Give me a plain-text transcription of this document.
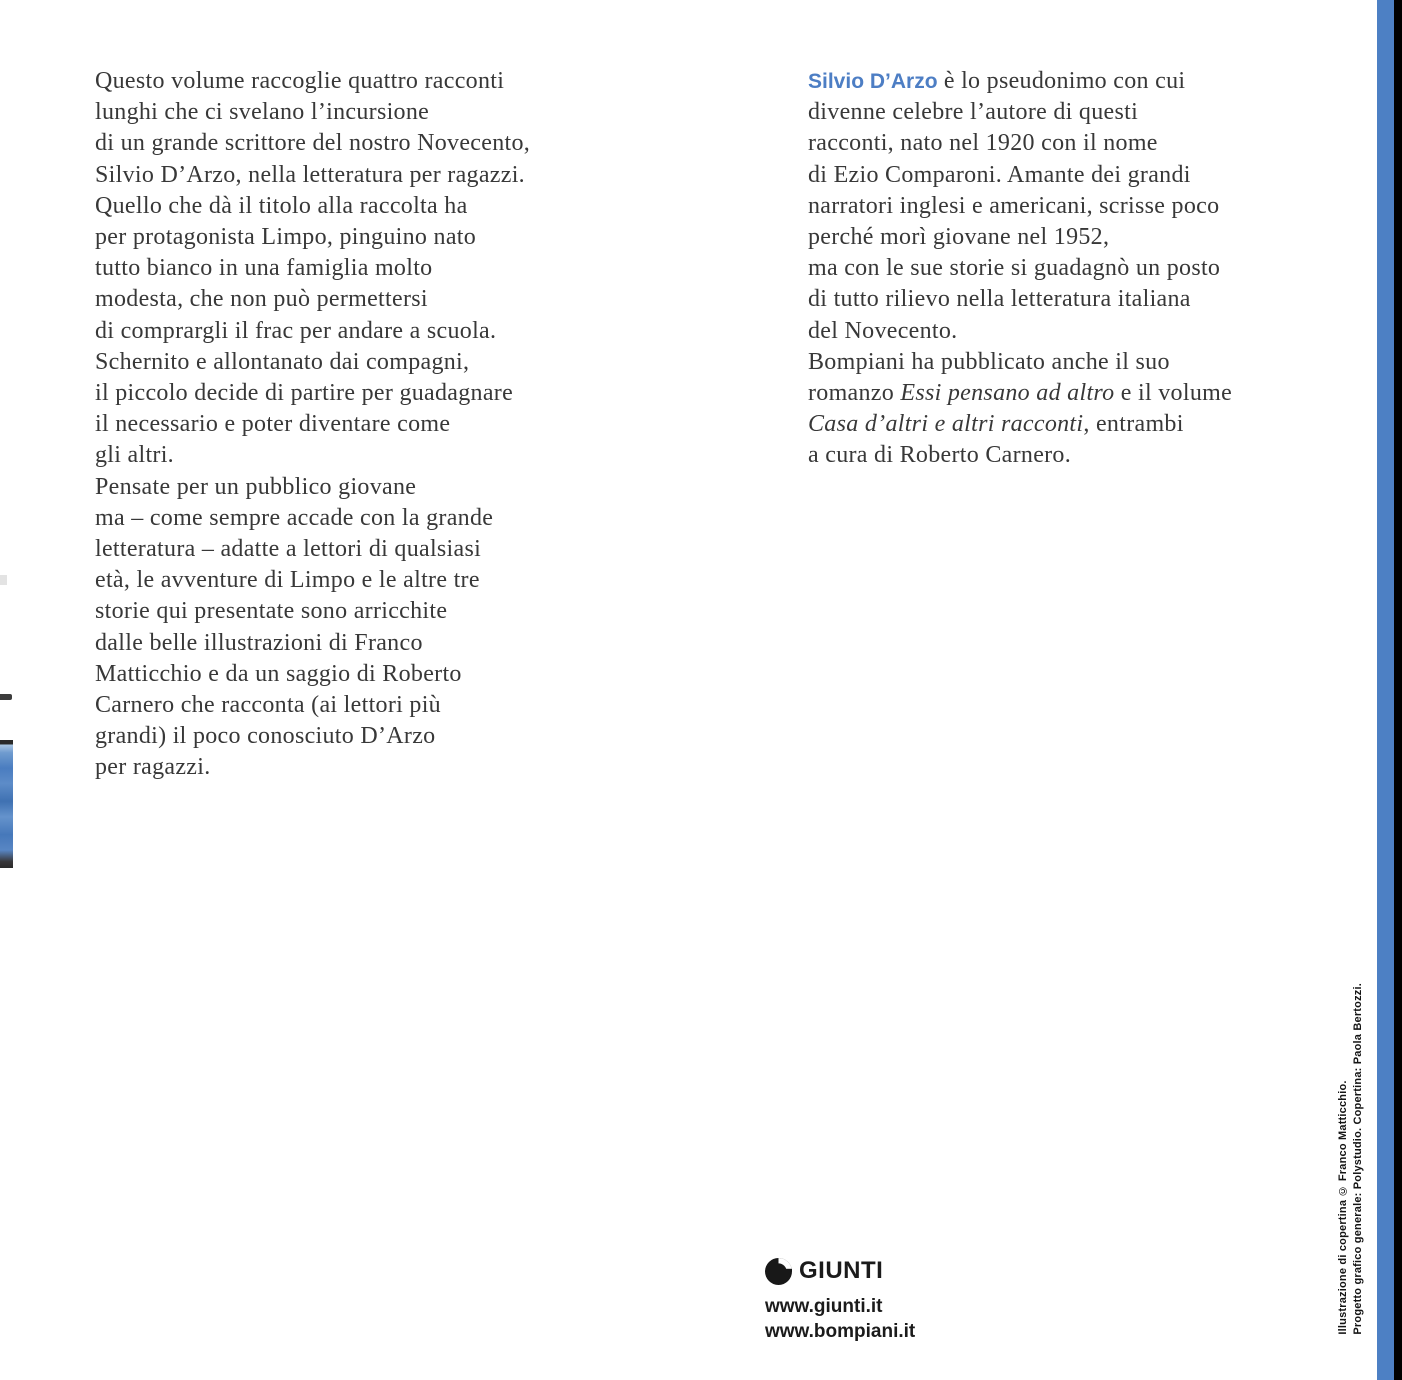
Questo volume raccoglie quattro racconti
lunghi che ci svelano l’incursione
di un grande scrittore del nostro Novecento,
Silvio D’Arzo, nella letteratura per ragazzi.
Quello che dà il titolo alla raccolta ha
per protagonista Limpo, pinguino nato
tutto bianco in una famiglia molto
modesta, che non può permettersi
di comprargli il frac per andare a scuola.
Schernito e allontanato dai compagni,
il piccolo decide di partire per guadagnare
il necessario e poter diventare come
gli altri.
Pensate per un pubblico giovane
ma – come sempre accade con la grande
letteratura – adatte a lettori di qualsiasi
età, le avventure di Limpo e le altre tre
storie qui presentate sono arricchite
dalle belle illustrazioni di Franco
Matticchio e da un saggio di Roberto
Carnero che racconta (ai lettori più
grandi) il poco conosciuto D’Arzo
per ragazzi.
Silvio D’Arzo è lo pseudonimo con cui
divenne celebre l’autore di questi
racconti, nato nel 1920 con il nome
di Ezio Comparoni. Amante dei grandi
narratori inglesi e americani, scrisse poco
perché morì giovane nel 1952,
ma con le sue storie si guadagnò un posto
di tutto rilievo nella letteratura italiana
del Novecento.
Bompiani ha pubblicato anche il suo
romanzo Essi pensano ad altro e il volume
Casa d’altri e altri racconti, entrambi
a cura di Roberto Carnero.
GIUNTI
www.giunti.it
www.bompiani.it	Illustrazione di copertina © Franco Matticchio. Progetto grafico generale: Polystudio. Copertina: Paola Bertozzi.
